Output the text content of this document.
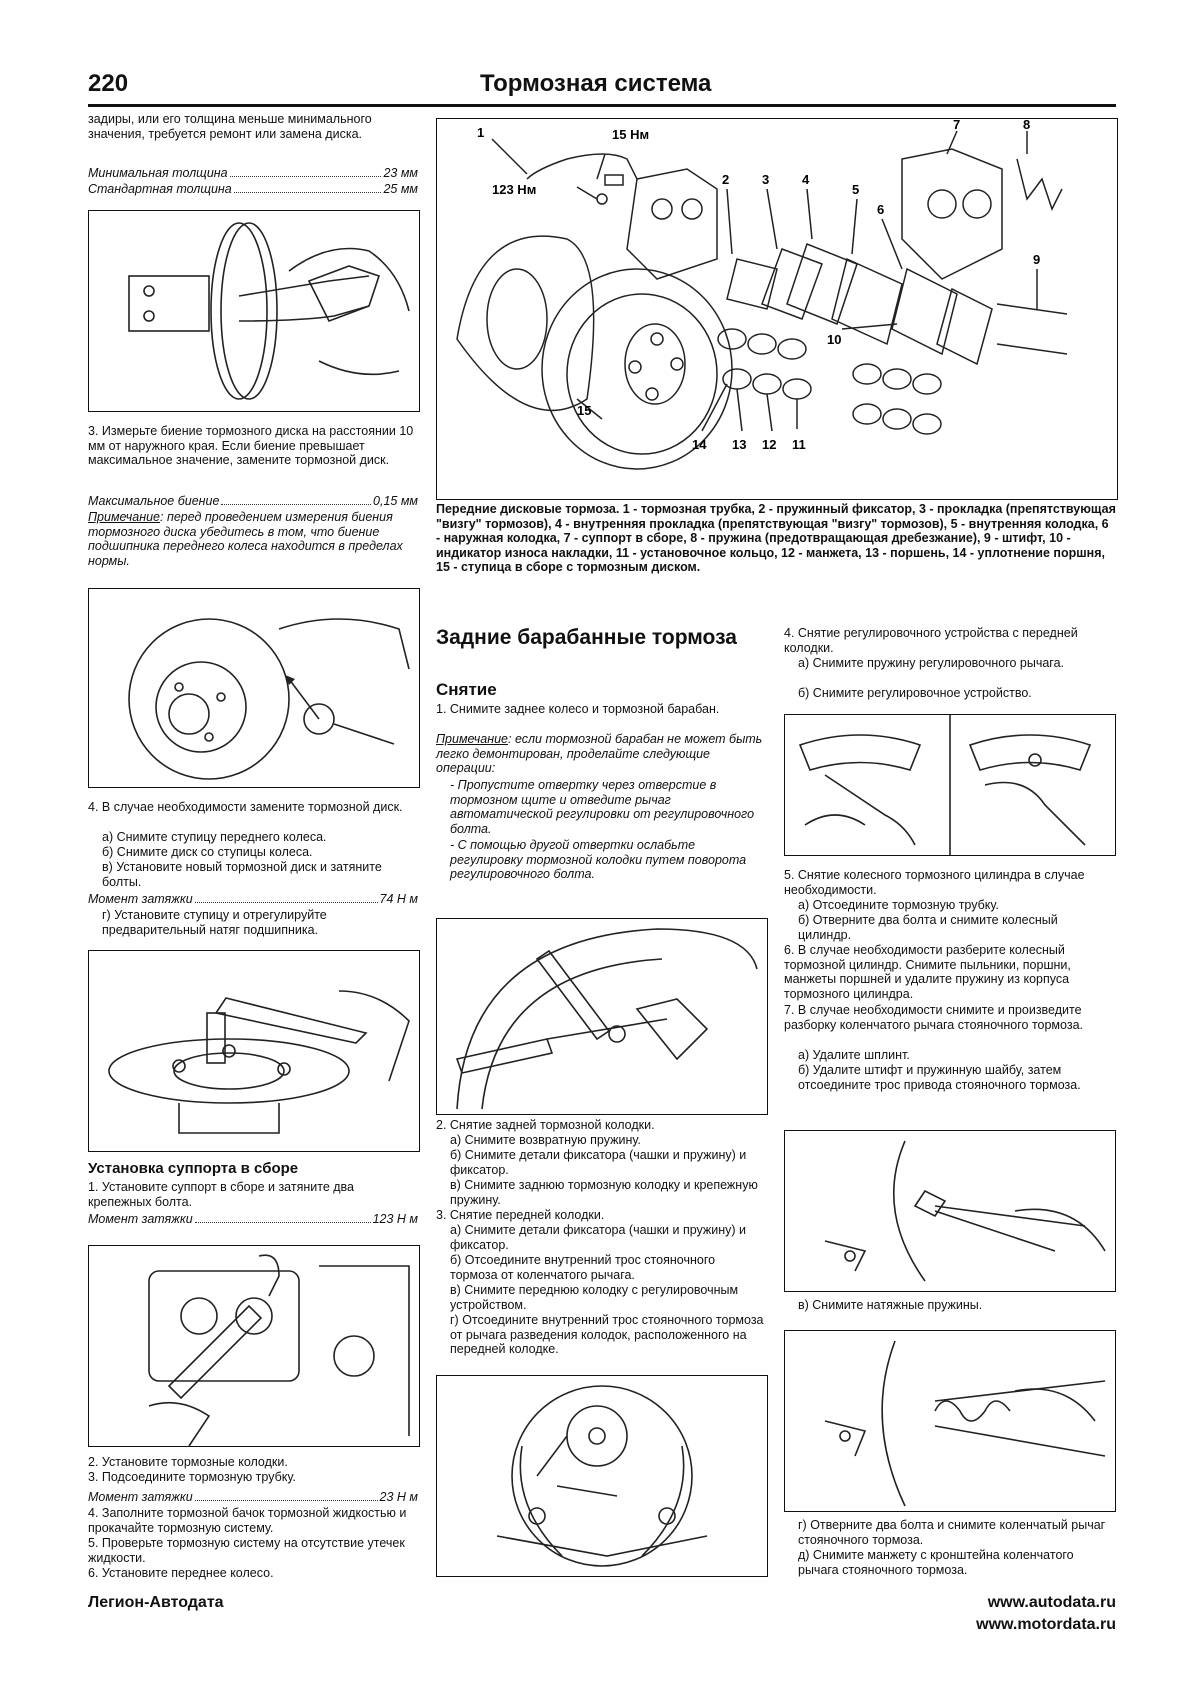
220	Тормозная система
задиры, или его толщина меньше минимального значения, требуется ремонт или замена диска.
Минимальная толщина	23 мм
Стандартная толщина	25 мм
3. Измерьте биение тормозного диска на расстоянии 10 мм от наружного края. Если биение превышает максимальное значение, замените тормозной диск.
Максимальное биение	0,15 мм
Примечание: перед проведением измерения биения тормозного диска убедитесь в том, что биение подшипника переднего колеса находится в пределах нормы.
4. В случае необходимости замените тормозной диск.
а) Снимите ступицу переднего колеса.
б) Снимите диск со ступицы колеса.
в) Установите новый тормозной диск и затяните болты.
Момент затяжки	74 Н м
г) Установите ступицу и отрегулируйте предварительный натяг подшипника.
Установка суппорта в сборе
1. Установите суппорт в сборе и затяните два крепежных болта.
Момент затяжки	123 Н м
2. Установите тормозные колодки.
3. Подсоедините тормозную трубку.
Момент затяжки	23 Н м
4. Заполните тормозной бачок тормозной жидкостью и прокачайте тормозную систему.
5. Проверьте тормозную систему на отсутствие утечек жидкости.
6. Установите переднее колесо.
1
2	3	4
5
6
7	8
9
10
11
12
13
14
15
15 Нм
123 Нм
Передние дисковые тормоза. 1 - тормозная трубка, 2 - пружинный фиксатор, 3 - прокладка (препятствующая "визгу" тормозов), 4 - внутренняя прокладка (препятствующая "визгу" тормозов), 5 - внутренняя колодка, 6 - наружная колодка, 7 - суппорт в сборе, 8 - пружина (предотвращающая дребезжание), 9 - штифт, 10 - индикатор износа накладки, 11 - установочное кольцо, 12 - манжета, 13 - поршень, 14 - уплотнение поршня, 15 - ступица в сборе с тормозным диском.
Задние барабанные тормоза
Снятие
1. Снимите заднее колесо и тормозной барабан.
Примечание: если тормозной барабан не может быть легко демонтирован, проделайте следующие операции:
- Пропустите отвертку через отверстие в тормозном щите и отведите рычаг автоматической регулировки от регулировочного болта.
- С помощью другой отвертки ослабьте регулировку тормозной колодки путем поворота регулировочного болта.
2. Снятие задней тормозной колодки.
а) Снимите возвратную пружину.
б) Снимите детали фиксатора (чашки и пружину) и фиксатор.
в) Снимите заднюю тормозную колодку и крепежную пружину.
3. Снятие передней колодки.
а) Снимите детали фиксатора (чашки и пружину) и фиксатор.
б) Отсоедините внутренний трос стояночного тормоза от коленчатого рычага.
в) Снимите переднюю колодку с регулировочным устройством.
г) Отсоедините внутренний трос стояночного тормоза от рычага разведения колодок, расположенного на передней колодке.
4. Снятие регулировочного устройства с передней колодки.
а) Снимите пружину регулировочного рычага.
б) Снимите регулировочное устройство.
5. Снятие колесного тормозного цилиндра в случае необходимости.
а) Отсоедините тормозную трубку.
б) Отверните два болта и снимите колесный цилиндр.
6. В случае необходимости разберите колесный тормозной цилиндр. Снимите пыльники, поршни, манжеты поршней и удалите пружину из корпуса тормозного цилиндра.
7. В случае необходимости снимите и произведите разборку коленчатого рычага стояночного тормоза.
а) Удалите шплинт.
б) Удалите штифт и пружинную шайбу, затем отсоедините трос привода стояночного тормоза.
в) Снимите натяжные пружины.
г) Отверните два болта и снимите коленчатый рычаг стояночного тормоза.
д) Снимите манжету с кронштейна коленчатого рычага стояночного тормоза.
Легион-Автодата	www.autodata.ru
www.motordata.ru
